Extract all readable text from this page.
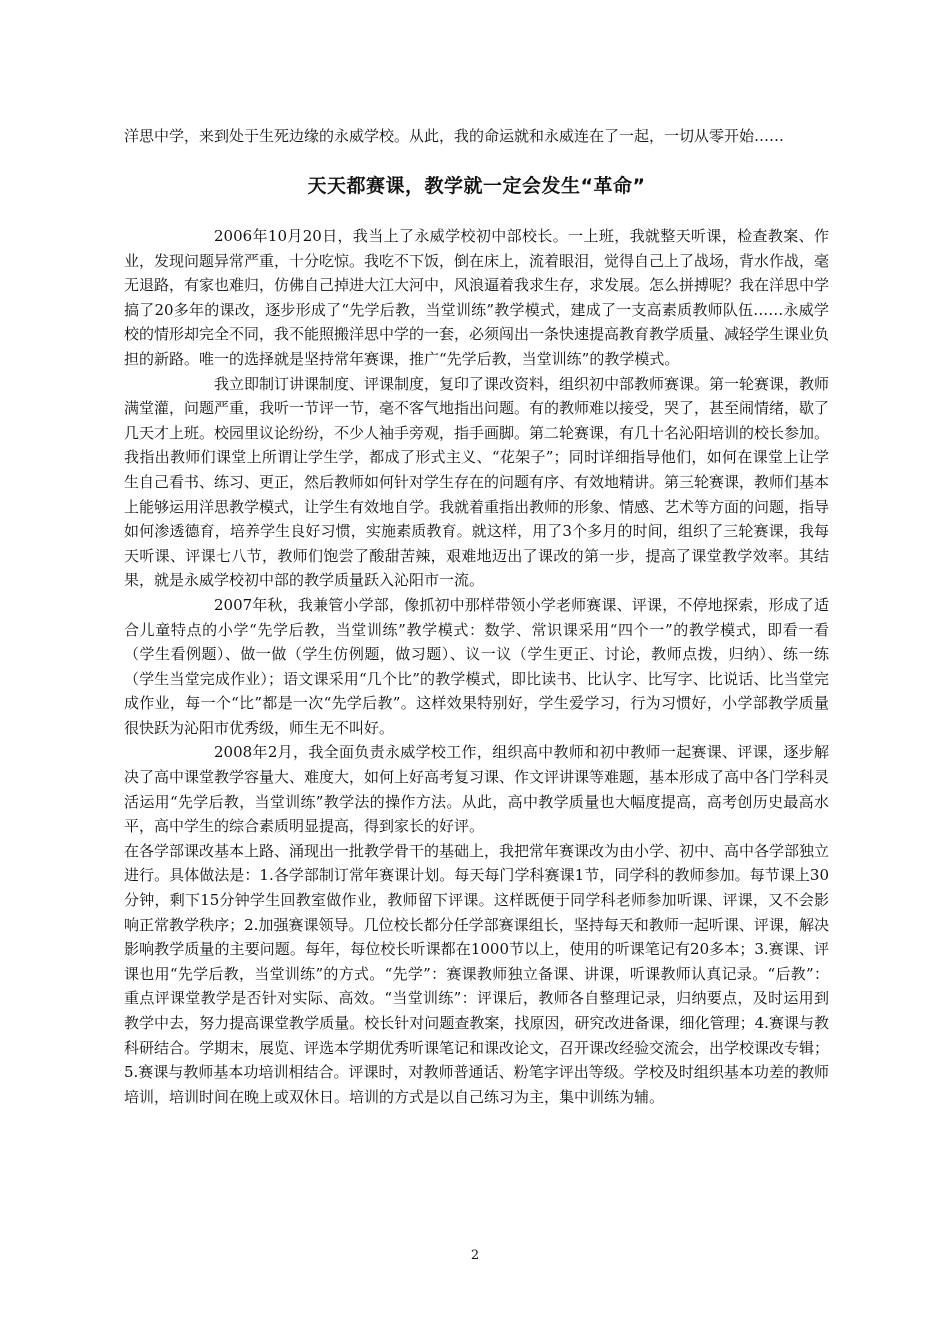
洋思中学，来到处于生死边缘的永威学校。从此，我的命运就和永威连在了一起，一切从零开始……

天天都赛课，教学就一定会发生“革命”

2006年10月20日，我当上了永威学校初中部校长。一上班，我就整天听课，检查教案、作业，发现问题异常严重，十分吃惊。我吃不下饭，倒在床上，流着眼泪，觉得自己上了战场，背水作战，毫无退路，有家也难归，仿佛自己掉进大江大河中，风浪逼着我求生存，求发展。怎么拼搏呢？我在洋思中学搞了20多年的课改，逐步形成了“先学后教，当堂训练”教学模式，建成了一支高素质教师队伍……永威学校的情形却完全不同，我不能照搬洋思中学的一套，必须闯出一条快速提高教育教学质量、减轻学生课业负担的新路。唯一的选择就是坚持常年赛课，推广“先学后教，当堂训练”的教学模式。

我立即制订讲课制度、评课制度，复印了课改资料，组织初中部教师赛课。第一轮赛课，教师满堂灌，问题严重，我听一节评一节，毫不客气地指出问题。有的教师难以接受，哭了，甚至闹情绪，歇了几天才上班。校园里议论纷纷，不少人袖手旁观，指手画脚。第二轮赛课，有几十名沁阳培训的校长参加。我指出教师们课堂上所谓让学生学，都成了形式主义、“花架子”；同时详细指导他们，如何在课堂上让学生自己看书、练习、更正，然后教师如何针对学生存在的问题有序、有效地精讲。第三轮赛课，教师们基本上能够运用洋思教学模式，让学生有效地自学。我就着重指出教师的形象、情感、艺术等方面的问题，指导如何渗透德育，培养学生良好习惯，实施素质教育。就这样，用了3个多月的时间，组织了三轮赛课，我每天听课、评课七八节，教师们饱尝了酸甜苦辣，艰难地迈出了课改的第一步，提高了课堂教学效率。其结果，就是永威学校初中部的教学质量跃入沁阳市一流。

2007年秋，我兼管小学部，像抓初中那样带领小学老师赛课、评课，不停地探索，形成了适合儿童特点的小学“先学后教，当堂训练”教学模式：数学、常识课采用“四个一”的教学模式，即看一看（学生看例题）、做一做（学生仿例题，做习题）、议一议（学生更正、讨论，教师点拨，归纳）、练一练（学生当堂完成作业）；语文课采用“几个比”的教学模式，即比读书、比认字、比写字、比说话、比当堂完成作业，每一个“比”都是一次“先学后教”。这样效果特别好，学生爱学习，行为习惯好，小学部教学质量很快跃为沁阳市优秀级，师生无不叫好。

2008年2月，我全面负责永威学校工作，组织高中教师和初中教师一起赛课、评课，逐步解决了高中课堂教学容量大、难度大，如何上好高考复习课、作文评讲课等难题，基本形成了高中各门学科灵活运用“先学后教，当堂训练”教学法的操作方法。从此，高中教学质量也大幅度提高，高考创历史最高水平，高中学生的综合素质明显提高，得到家长的好评。

在各学部课改基本上路、涌现出一批教学骨干的基础上，我把常年赛课改为由小学、初中、高中各学部独立进行。具体做法是：1.各学部制订常年赛课计划。每天每门学科赛课1节，同学科的教师参加。每节课上30分钟，剩下15分钟学生回教室做作业，教师留下评课。这样既便于同学科老师参加听课、评课，又不会影响正常教学秩序；2.加强赛课领导。几位校长都分任学部赛课组长，坚持每天和教师一起听课、评课，解决影响教学质量的主要问题。每年，每位校长听课都在1000节以上，使用的听课笔记有20多本；3.赛课、评课也用“先学后教，当堂训练”的方式。“先学”：赛课教师独立备课、讲课，听课教师认真记录。“后教”：重点评课堂教学是否针对实际、高效。“当堂训练”：评课后，教师各自整理记录，归纳要点，及时运用到教学中去，努力提高课堂教学质量。校长针对问题查教案，找原因，研究改进备课，细化管理；4.赛课与教科研结合。学期末，展览、评选本学期优秀听课笔记和课改论文，召开课改经验交流会，出学校课改专辑；5.赛课与教师基本功培训相结合。评课时，对教师普通话、粉笔字评出等级。学校及时组织基本功差的教师培训，培训时间在晚上或双休日。培训的方式是以自己练习为主，集中训练为辅。

2
